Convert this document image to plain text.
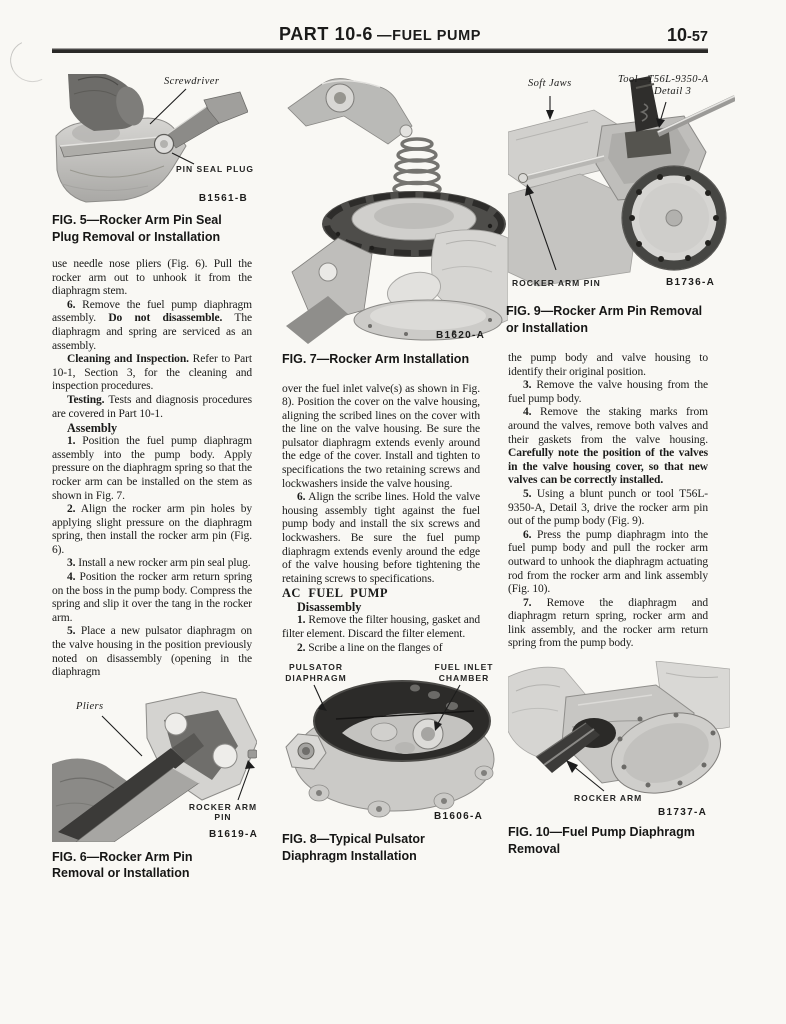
PART 10-6 —FUEL PUMP	10-57
Screwdriver
PIN SEAL PLUG
B1561-B
FIG. 5—Rocker Arm Pin Seal Plug Removal or Installation

use needle nose pliers (Fig. 6). Pull the rocker arm out to unhook it from the diaphragm stem.

6. Remove the fuel pump diaphragm assembly. Do not disassemble. The diaphragm and spring are serviced as an assembly.

Cleaning and Inspection. Refer to Part 10-1, Section 3, for the cleaning and inspection procedures.

Testing. Tests and diagnosis procedures are covered in Part 10-1.

Assembly

1. Position the fuel pump diaphragm assembly into the pump body. Apply pressure on the diaphragm spring so that the rocker arm can be installed on the stem as shown in Fig. 7.

2. Align the rocker arm pin holes by applying slight pressure on the diaphragm spring, then install the rocker arm pin (Fig. 6).

3. Install a new rocker arm pin seal plug.

4. Position the rocker arm return spring on the boss in the pump body. Compress the spring and slip it over the tang in the rocker arm.

5. Place a new pulsator diaphragm on the valve housing in the position previously noted on disassembly (opening in the diaphragm

Pliers
ROCKER ARM
PIN
B1619-A
FIG. 6—Rocker Arm Pin Removal or Installation
B1620-A
FIG. 7—Rocker Arm Installation

over the fuel inlet valve(s) as shown in Fig. 8). Position the cover on the valve housing, aligning the scribed lines on the cover with the line on the valve housing. Be sure the pulsator diaphragm extends evenly around the edge of the cover. Install and tighten to specifications the two retaining screws and lockwashers inside the valve housing.

6. Align the scribe lines. Hold the valve housing assembly tight against the fuel pump body and install the six screws and lockwashers. Be sure the fuel pump diaphragm extends evenly around the edge of the valve housing before tightening the retaining screws to specifications.

AC FUEL PUMP

Disassembly

1. Remove the filter housing, gasket and filter element. Discard the filter element.

2. Scribe a line on the flanges of

PULSATOR
DIAPHRAGM
FUEL INLET
CHAMBER
B1606-A
FIG. 8—Typical Pulsator Diaphragm Installation
Soft Jaws	Tool—T56L-9350-A
Detail 3
ROCKER ARM PIN	B1736-A
FIG. 9—Rocker Arm Pin Removal or Installation

the pump body and valve housing to identify their original position.

3. Remove the valve housing from the fuel pump body.

4. Remove the staking marks from around the valves, remove both valves and their gaskets from the valve housing. Carefully note the position of the valves in the valve housing cover, so that new valves can be correctly installed.

5. Using a blunt punch or tool T56L-9350-A, Detail 3, drive the rocker arm pin out of the pump body (Fig. 9).

6. Press the pump diaphragm into the fuel pump body and pull the rocker arm outward to unhook the diaphragm actuating rod from the rocker arm and link assembly (Fig. 10).

7. Remove the diaphragm and diaphragm return spring, rocker arm and link assembly, and the rocker arm return spring from the pump body.

ROCKER ARM
B1737-A
FIG. 10—Fuel Pump Diaphragm Removal
